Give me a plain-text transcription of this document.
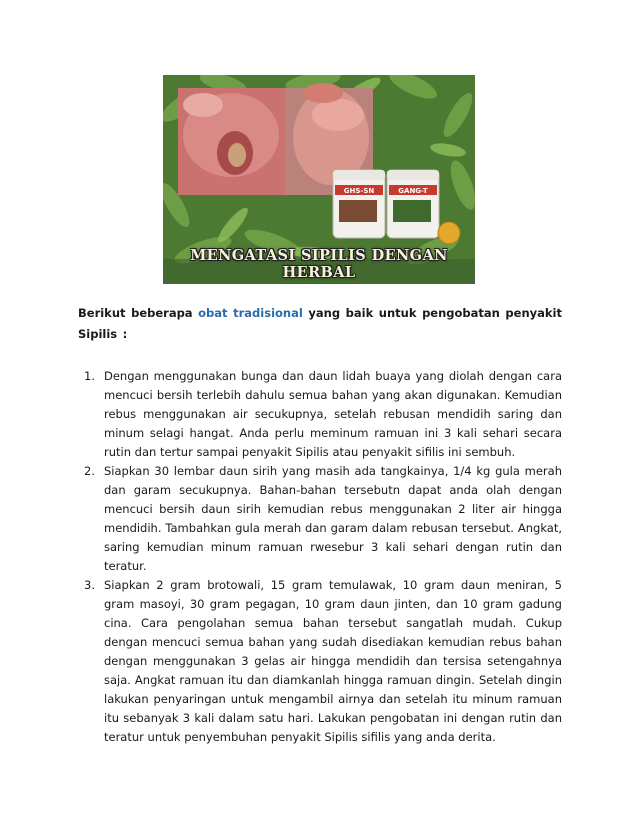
GHS-SN	GANG-T
MENGATASI SIPILIS DENGAN HERBAL

Berikut beberapa obat tradisional yang baik untuk pengobatan penyakit Sipilis :

1. Dengan menggunakan bunga dan daun lidah buaya yang diolah dengan cara mencuci bersih terlebih dahulu semua bahan yang akan digunakan. Kemudian rebus menggunakan air secukupnya, setelah rebusan mendidih saring dan minum selagi hangat. Anda perlu meminum ramuan ini 3 kali sehari secara rutin dan tertur sampai penyakit Sipilis atau penyakit sifilis ini sembuh.
2. Siapkan 30 lembar daun sirih yang masih ada tangkainya, 1/4 kg gula merah dan garam secukupnya. Bahan-bahan tersebutn dapat anda olah dengan mencuci bersih daun sirih kemudian rebus menggunakan 2 liter air hingga mendidih. Tambahkan gula merah dan garam dalam rebusan tersebut. Angkat, saring kemudian minum ramuan rwesebur 3 kali sehari dengan rutin dan teratur.
3. Siapkan 2 gram brotowali, 15 gram temulawak, 10 gram daun meniran, 5 gram masoyi, 30 gram pegagan, 10 gram daun jinten, dan 10 gram gadung cina. Cara pengolahan semua bahan tersebut sangatlah mudah. Cukup dengan mencuci semua bahan yang sudah disediakan kemudian rebus bahan dengan menggunakan 3 gelas air hingga mendidih dan tersisa setengahnya saja. Angkat ramuan itu dan diamkanlah hingga ramuan dingin. Setelah dingin lakukan penyaringan untuk mengambil airnya dan setelah itu minum ramuan itu sebanyak 3 kali dalam satu hari. Lakukan pengobatan ini dengan rutin dan teratur untuk penyembuhan penyakit Sipilis sifilis yang anda derita.
